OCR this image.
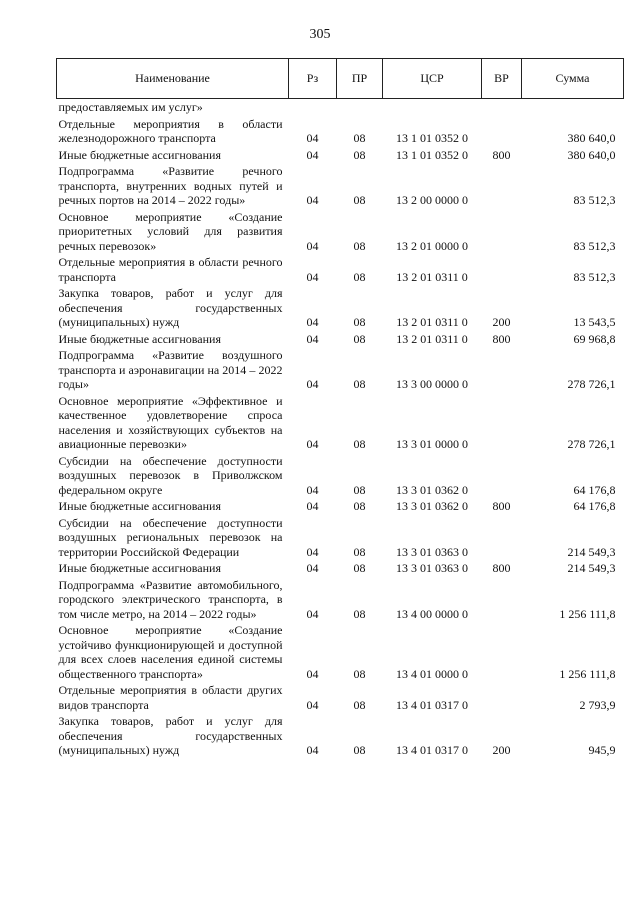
305
Наименование	Рз	ПР	ЦСР	ВР	Сумма
предоставляемых им услуг»					
Отдельные мероприятия в области железнодорожного транспорта	04	08	13 1 01 0352 0		380 640,0
Иные бюджетные ассигнования	04	08	13 1 01 0352 0	800	380 640,0
Подпрограмма «Развитие речного транспорта, внутренних водных путей и речных портов на 2014 – 2022 годы»	04	08	13 2 00 0000 0		83 512,3
Основное мероприятие «Создание приоритетных условий для развития речных перевозок»	04	08	13 2 01 0000 0		83 512,3
Отдельные мероприятия в области речного транспорта	04	08	13 2 01 0311 0		83 512,3
Закупка товаров, работ и услуг для обеспечения государственных (муниципальных) нужд	04	08	13 2 01 0311 0	200	13 543,5
Иные бюджетные ассигнования	04	08	13 2 01 0311 0	800	69 968,8
Подпрограмма «Развитие воздушного транспорта и аэронавигации на 2014 – 2022 годы»	04	08	13 3 00 0000 0		278 726,1
Основное мероприятие «Эффективное и качественное удовлетворение спроса населения и хозяйствующих субъектов на авиационные перевозки»	04	08	13 3 01 0000 0		278 726,1
Субсидии на обеспечение доступности воздушных перевозок в Приволжском федеральном округе	04	08	13 3 01 0362 0		64 176,8
Иные бюджетные ассигнования	04	08	13 3 01 0362 0	800	64 176,8
Субсидии на обеспечение доступности воздушных региональных перевозок на территории Российской Федерации	04	08	13 3 01 0363 0		214 549,3
Иные бюджетные ассигнования	04	08	13 3 01 0363 0	800	214 549,3
Подпрограмма «Развитие автомобильного, городского электрического транспорта, в том числе метро, на 2014 – 2022 годы»	04	08	13 4 00 0000 0		1 256 111,8
Основное мероприятие «Создание устойчиво функционирующей и доступной для всех слоев населения единой системы общественного транспорта»	04	08	13 4 01 0000 0		1 256 111,8
Отдельные мероприятия в области других видов транспорта	04	08	13 4 01 0317 0		2 793,9
Закупка товаров, работ и услуг для обеспечения государственных (муниципальных) нужд	04	08	13 4 01 0317 0	200	945,9
